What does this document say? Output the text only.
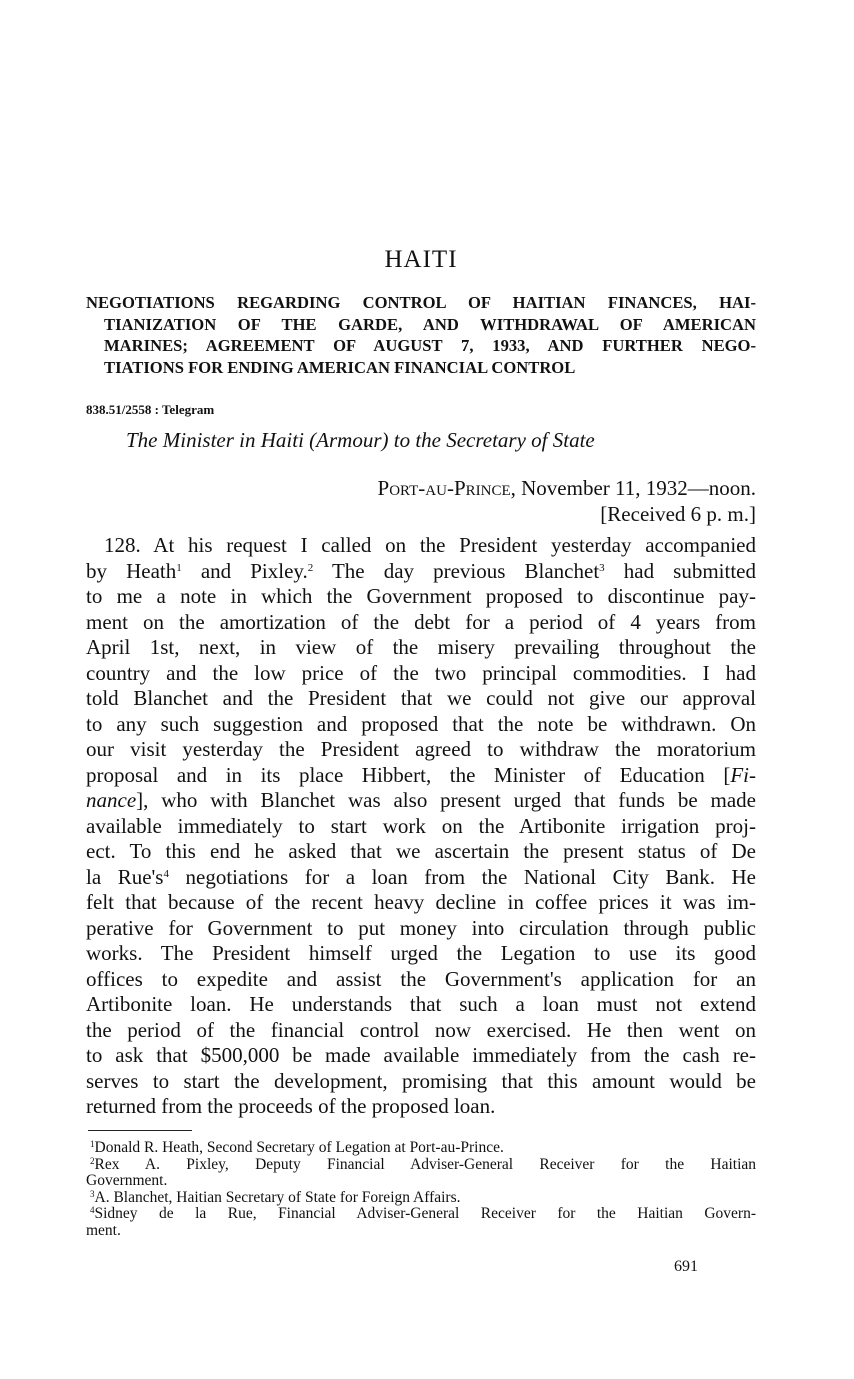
HAITI
NEGOTIATIONS REGARDING CONTROL OF HAITIAN FINANCES, HAI-
TIANIZATION OF THE GARDE, AND WITHDRAWAL OF AMERICAN
MARINES; AGREEMENT OF AUGUST 7, 1933, AND FURTHER NEGO-
TIATIONS FOR ENDING AMERICAN FINANCIAL CONTROL
838.51/2558 : Telegram
The Minister in Haiti (Armour) to the Secretary of State
Port-au-Prince, November 11, 1932—noon.
[Received 6 p. m.]
128. At his request I called on the President yesterday accompanied
by Heath$^1$ and Pixley.$^2$ The day previous Blanchet$^3$ had submitted
to me a note in which the Government proposed to discontinue pay-
ment on the amortization of the debt for a period of 4 years from
April 1st, next, in view of the misery prevailing throughout the
country and the low price of the two principal commodities. I had
told Blanchet and the President that we could not give our approval
to any such suggestion and proposed that the note be withdrawn. On
our visit yesterday the President agreed to withdraw the moratorium
proposal and in its place Hibbert, the Minister of Education [Fi-
nance], who with Blanchet was also present urged that funds be made
available immediately to start work on the Artibonite irrigation proj-
ect. To this end he asked that we ascertain the present status of De
la $Rue's^4$ negotiations for a loan from the National City Bank. He
felt that because of the recent heavy decline in coffee prices it was im-
perative for Government to put money into circulation through public
works. The President himself urged the Legation to use its good
offices to expedite and assist the Government's application for an
Artibonite loan. He understands that such a loan must not extend
the period of the financial control now exercised. He then went on
to ask that $500,000 be made available immediately from the cash re-
serves to start the development, promising that this amount would be
returned from the proceeds of the proposed loan.
$^1$Donald R. Heath, Second Secretary of Legation at Port-au-Prince.
$^2$Rex A. Pixley, Deputy Financial Adviser-General Receiver for the Haitian
Government.
$^3$A. Blanchet, Haitian Secretary of State for Foreign Affairs.
$^4$Sidney de la Rue, Financial Adviser-General Receiver for the Haitian Govern-
ment.
691
